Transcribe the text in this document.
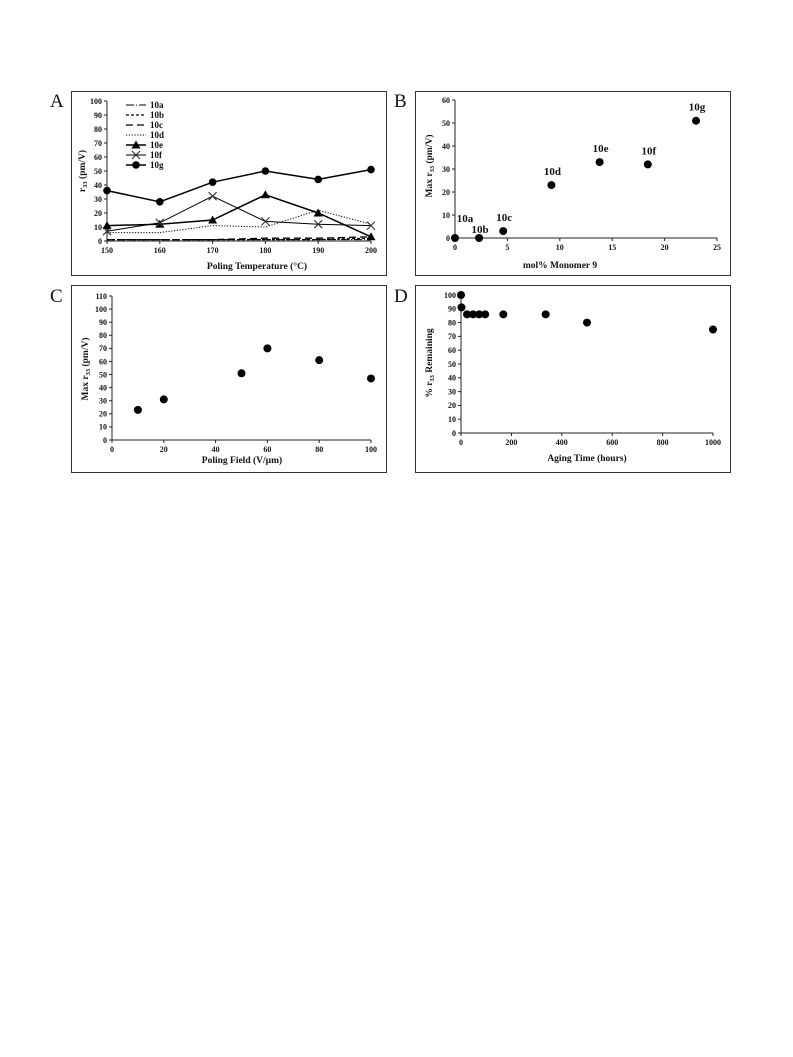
A	B
C	D
Poling Temperature (°C)
$r_{33}$ (pm/V)
0
10
20
30
40
50
60
70
80
90
100
150	160	170	180	190	200
10a
10b
10c
10d
10e
10f
10g
mol% Monomer 9
Max $r_{33}$ (pm/V)
0
10
20
30
40
50
60
0	5	10	15	20	25
10a
10b
10c
10d
10e	10f
10g
Poling Field (V/µm)
Max $r_{33}$ (pm/V)
0
10
20
30
40
50
60
70
80
90
100
110
0	20	40	60	80	100
Aging Time (hours)
% $r_{33}$ Remaining
0
10
20
30
40
50
60
70
80
90
100
0	200	400	600	800	1000
